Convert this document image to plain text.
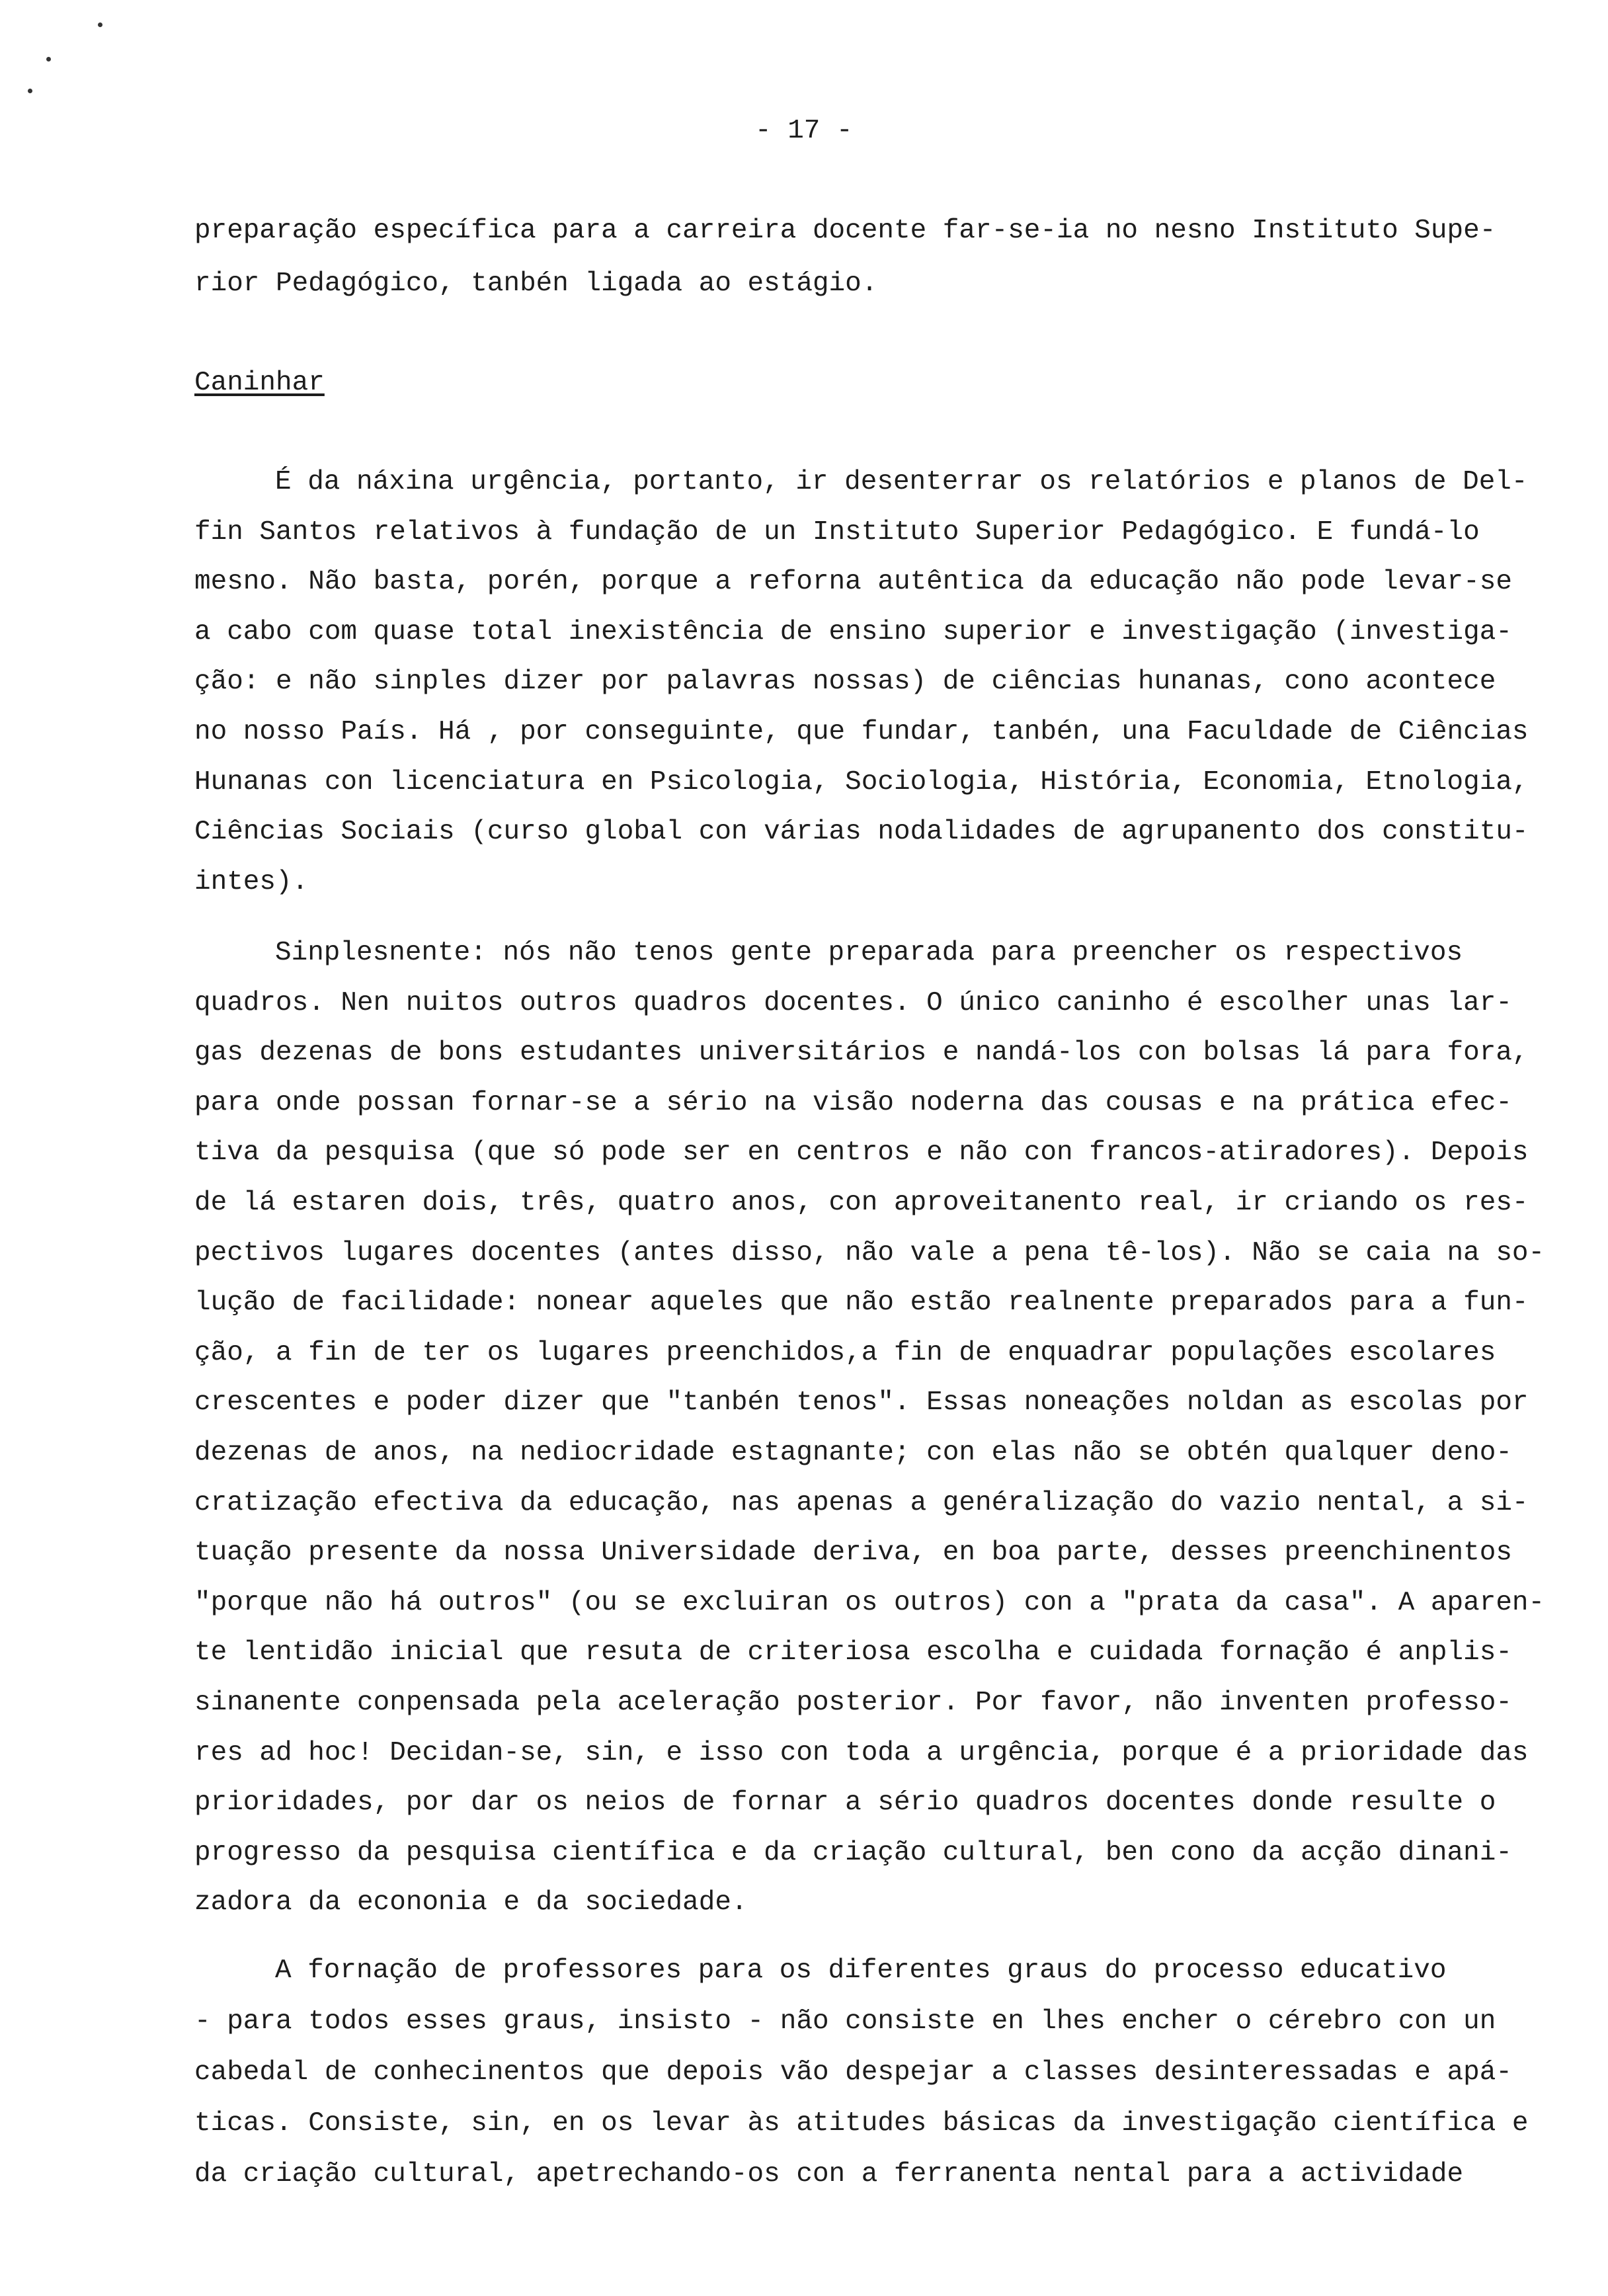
- 17 -
preparação específica para a carreira docente far-se-ia no nesno Instituto Supe-
rior Pedagógico, tanbén ligada ao estágio.
Caninhar
É da náxina urgência, portanto, ir desenterrar os relatórios e planos de Del-
fin Santos relativos à fundação de un Instituto Superior Pedagógico. E fundá-lo
mesno. Não basta, porén, porque a reforna autêntica da educação não pode levar-se
a cabo com quase total inexistência de ensino superior e investigação (investiga-
ção: e não sinples dizer por palavras nossas) de ciências hunanas, cono acontece
no nosso País. Há , por conseguinte, que fundar, tanbén, una Faculdade de Ciências
Hunanas con licenciatura en Psicologia, Sociologia, História, Economia, Etnologia,
Ciências Sociais (curso global con várias nodalidades de agrupanento dos constitu-
intes).
Sinplesnente: nós não tenos gente preparada para preencher os respectivos
quadros. Nen nuitos outros quadros docentes. O único caninho é escolher unas lar-
gas dezenas de bons estudantes universitários e nandá-los con bolsas lá para fora,
para onde possan fornar-se a sério na visão noderna das cousas e na prática efec-
tiva da pesquisa (que só pode ser en centros e não con francos-atiradores). Depois
de lá estaren dois, três, quatro anos, con aproveitanento real, ir criando os res-
pectivos lugares docentes (antes disso, não vale a pena tê-los). Não se caia na so-
lução de facilidade: nonear aqueles que não estão realnente preparados para a fun-
ção, a fin de ter os lugares preenchidos,a fin de enquadrar populações escolares
crescentes e poder dizer que "tanbén tenos". Essas noneações noldan as escolas por
dezenas de anos, na nediocridade estagnante; con elas não se obtén qualquer deno-
cratização efectiva da educação, nas apenas a genéralização do vazio nental, a si-
tuação presente da nossa Universidade deriva, en boa parte, desses preenchinentos
"porque não há outros" (ou se excluiran os outros) con a "prata da casa". A aparen-
te lentidão inicial que resuta de criteriosa escolha e cuidada fornação é anplis-
sinanente conpensada pela aceleração posterior. Por favor, não inventen professo-
res ad hoc! Decidan-se, sin, e isso con toda a urgência, porque é a prioridade das
prioridades, por dar os neios de fornar a sério quadros docentes donde resulte o
progresso da pesquisa científica e da criação cultural, ben cono da acção dinani-
zadora da econonia e da sociedade.
A fornação de professores para os diferentes graus do processo educativo
- para todos esses graus, insisto - não consiste en lhes encher o cérebro con un
cabedal de conhecinentos que depois vão despejar a classes desinteressadas e apá-
ticas. Consiste, sin, en os levar às atitudes básicas da investigação científica e
da criação cultural, apetrechando-os con a ferranenta nental para a actividade
